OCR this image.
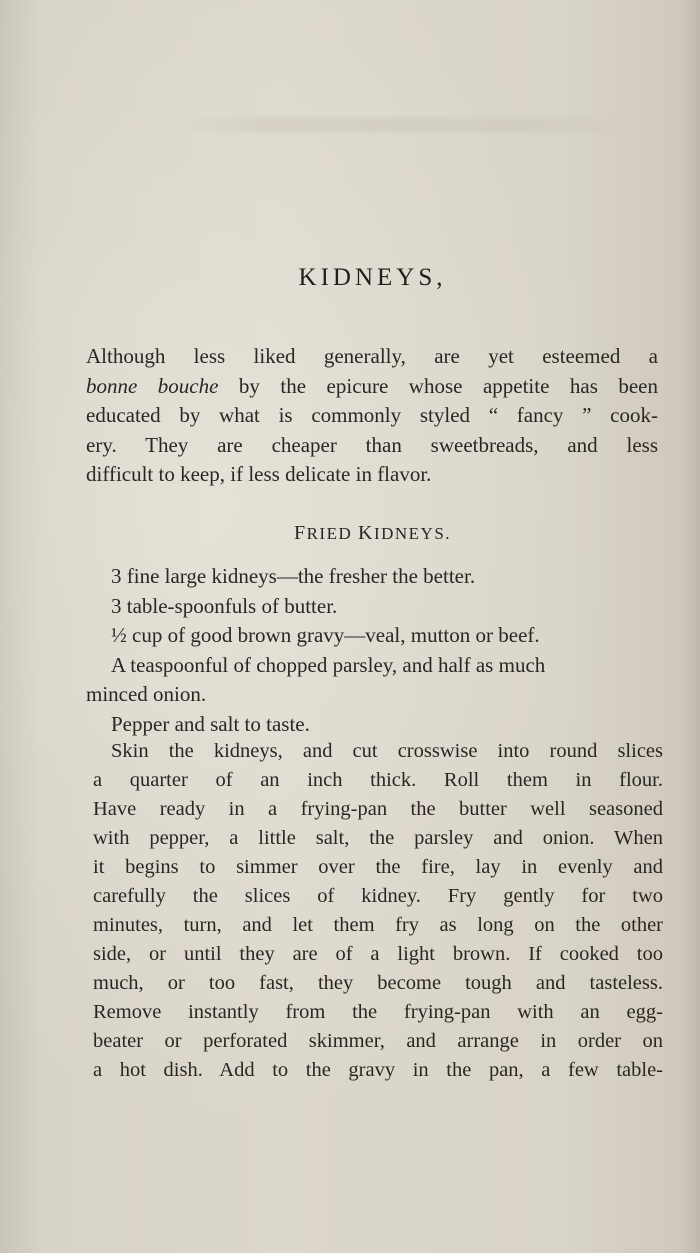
KIDNEYS,
Although less liked generally, are yet esteemed a
bonne bouche by the epicure whose appetite has been
educated by what is commonly styled “ fancy ” cook-
ery. They are cheaper than sweetbreads, and less
difficult to keep, if less delicate in flavor.
FRIED KIDNEYS.
3 fine large kidneys—the fresher the better.
3 table-spoonfuls of butter.
½ cup of good brown gravy—veal, mutton or beef.
A teaspoonful of chopped parsley, and half as much
minced onion.
Pepper and salt to taste.
Skin the kidneys, and cut crosswise into round slices
a quarter of an inch thick. Roll them in flour.
Have ready in a frying-pan the butter well seasoned
with pepper, a little salt, the parsley and onion. When
it begins to simmer over the fire, lay in evenly and
carefully the slices of kidney. Fry gently for two
minutes, turn, and let them fry as long on the other
side, or until they are of a light brown. If cooked too
much, or too fast, they become tough and tasteless.
Remove instantly from the frying-pan with an egg-
beater or perforated skimmer, and arrange in order on
a hot dish. Add to the gravy in the pan, a few table-
